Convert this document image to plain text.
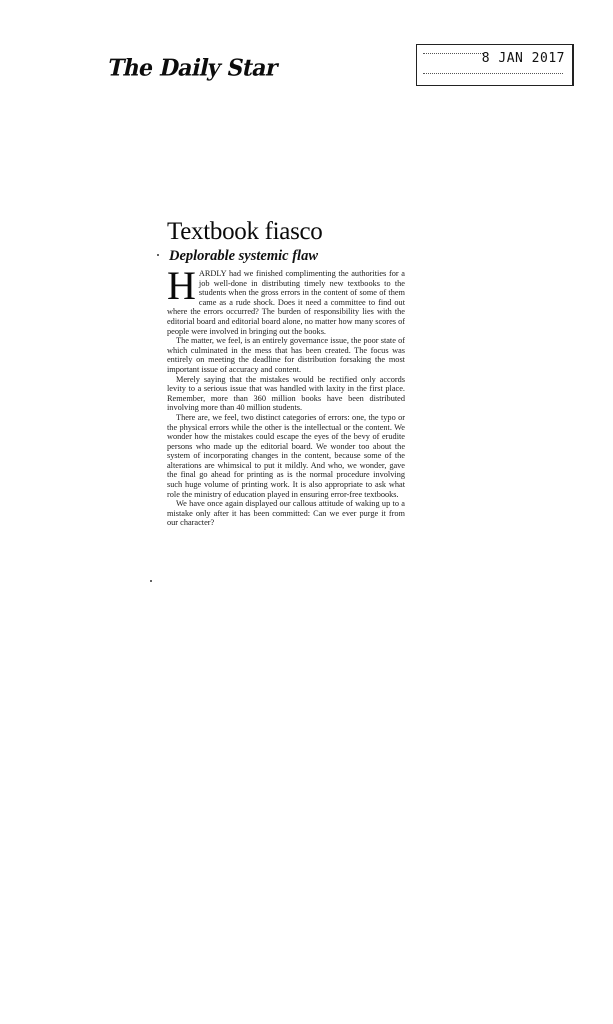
The Daily Star	8 JAN 2017
Textbook fiasco
Deplorable systemic flaw

HARDLY had we finished complimenting the authorities for a job well-done in distributing timely new textbooks to the students when the gross errors in the content of some of them came as a rude shock. Does it need a committee to find out where the errors occurred? The burden of responsibility lies with the editorial board and editorial board alone, no matter how many scores of people were involved in bringing out the books.

The matter, we feel, is an entirely governance issue, the poor state of which culminated in the mess that has been created. The focus was entirely on meeting the deadline for distribution forsaking the most important issue of accuracy and content.

Merely saying that the mistakes would be rectified only accords levity to a serious issue that was handled with laxity in the first place. Remember, more than 360 million books have been distributed involving more than 40 million students.

There are, we feel, two distinct categories of errors: one, the typo or the physical errors while the other is the intellectual or the content. We wonder how the mistakes could escape the eyes of the bevy of erudite persons who made up the editorial board. We wonder too about the system of incorporating changes in the content, because some of the alterations are whimsical to put it mildly. And who, we wonder, gave the final go ahead for printing as is the normal procedure involving such huge volume of printing work. It is also appropriate to ask what role the ministry of education played in ensuring error-free textbooks.

We have once again displayed our callous attitude of waking up to a mistake only after it has been committed: Can we ever purge it from our character?
